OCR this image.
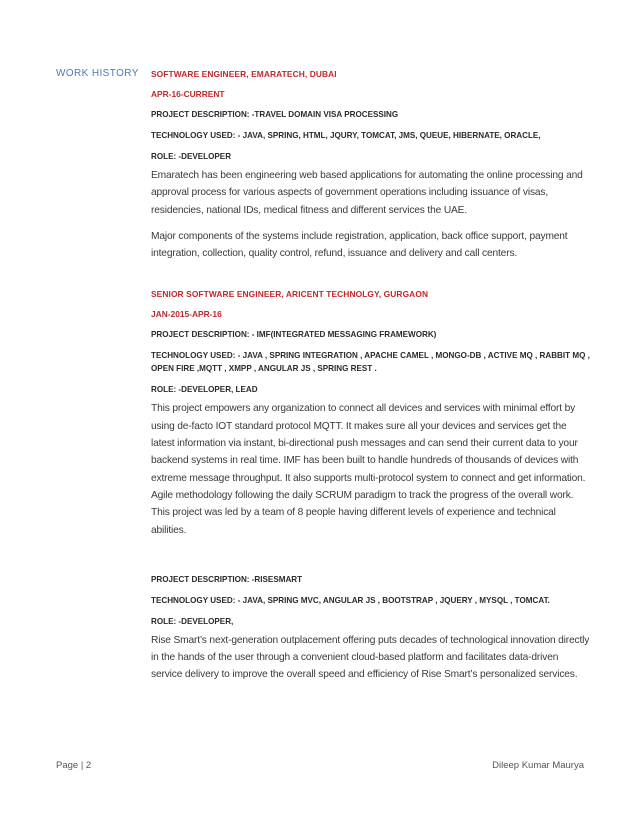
WORK HISTORY SOFTWARE ENGINEER, EMARATECH, DUBAI
APR-16-CURRENT
PROJECT DESCRIPTION: -TRAVEL DOMAIN VISA PROCESSING
TECHNOLOGY USED: - JAVA, SPRING, HTML, JQURY, TOMCAT, JMS, QUEUE, HIBERNATE, ORACLE,
ROLE: -DEVELOPER
Emaratech has been engineering web based applications for automating the online processing and approval process for various aspects of government operations including issuance of visas, residencies, national IDs, medical fitness and different services the UAE.
Major components of the systems include registration, application, back office support, payment integration, collection, quality control, refund, issuance and delivery and call centers.
SENIOR SOFTWARE ENGINEER, ARICENT TECHNOLGY, GURGAON
JAN-2015-APR-16
PROJECT DESCRIPTION: - IMF(INTEGRATED MESSAGING FRAMEWORK)
TECHNOLOGY USED: - JAVA , SPRING INTEGRATION , APACHE CAMEL , MONGO-DB , ACTIVE MQ , RABBIT MQ , OPEN FIRE ,MQTT , XMPP , ANGULAR JS , SPRING REST .
ROLE: -DEVELOPER, LEAD
This project empowers any organization to connect all devices and services with minimal effort by using de-facto IOT standard protocol MQTT. It makes sure all your devices and services get the latest information via instant, bi-directional push messages and can send their current data to your backend systems in real time. IMF has been built to handle hundreds of thousands of devices with extreme message throughput. It also supports multi-protocol system to connect and get information. Agile methodology following the daily SCRUM paradigm to track the progress of the overall work. This project was led by a team of 8 people having different levels of experience and technical abilities.
PROJECT DESCRIPTION: -RISESMART
TECHNOLOGY USED: - JAVA, SPRING MVC, ANGULAR JS , BOOTSTRAP , JQUERY , MYSQL , TOMCAT.
ROLE: -DEVELOPER,
Rise Smart’s next-generation outplacement offering puts decades of technological innovation directly in the hands of the user through a convenient cloud-based platform and facilitates data-driven service delivery to improve the overall speed and efficiency of Rise Smart’s personalized services.
Page | 2	Dileep Kumar Maurya
